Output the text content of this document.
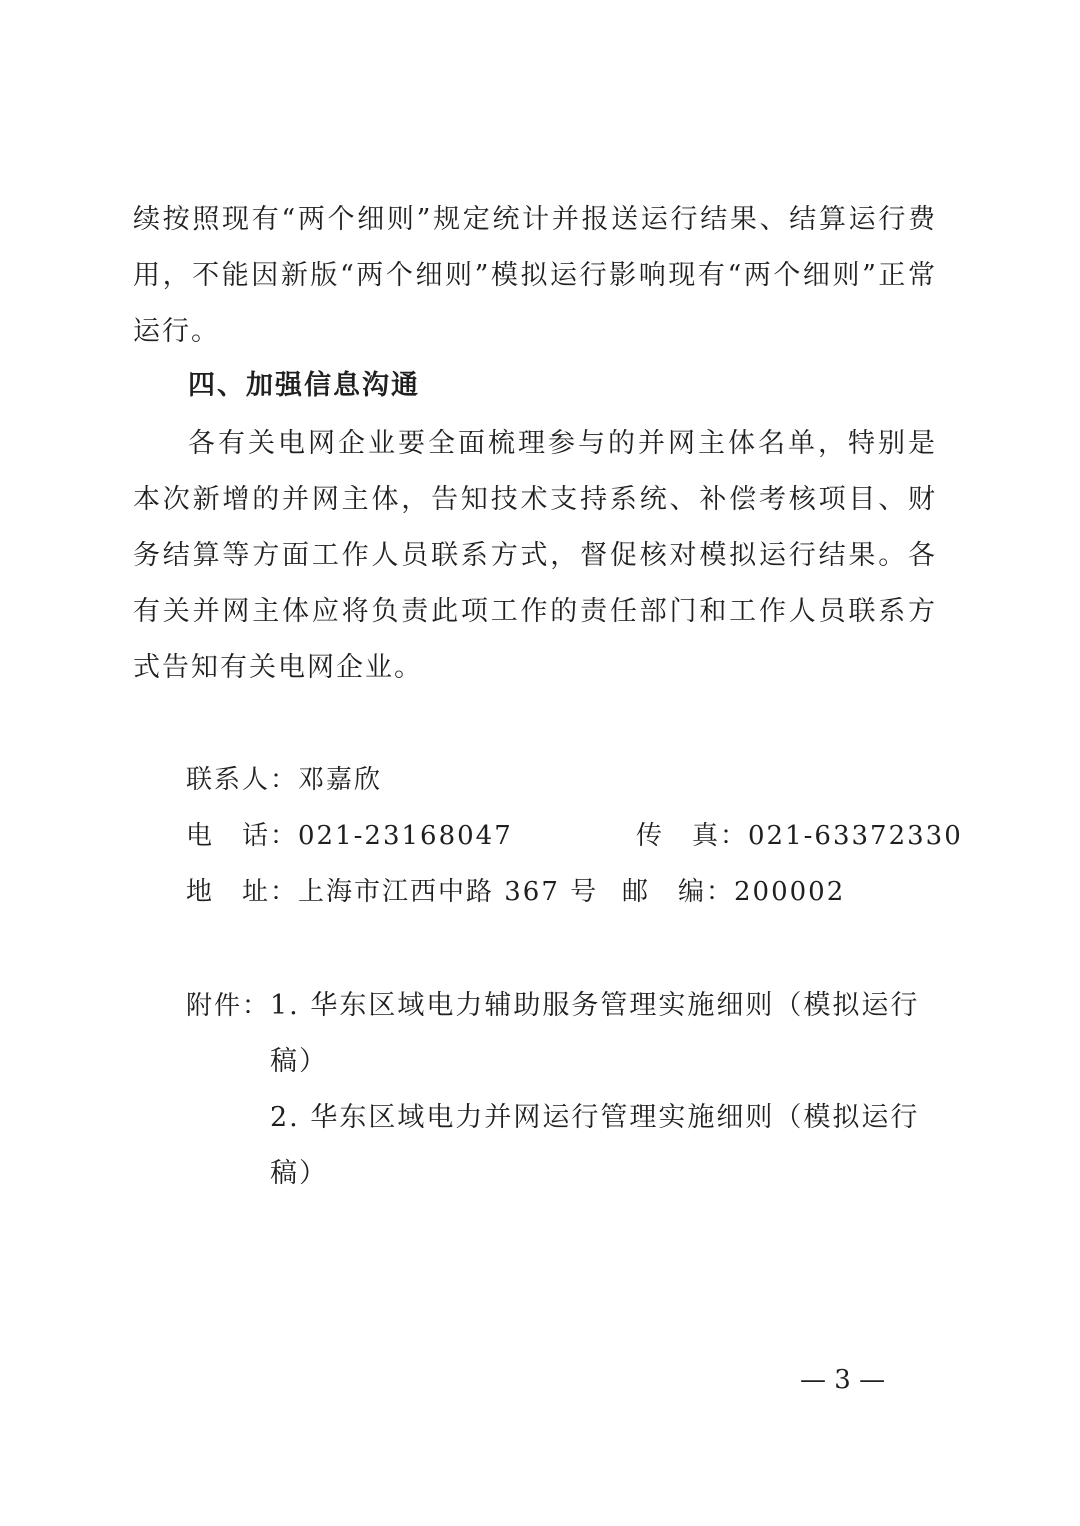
续按照现有“两个细则”规定统计并报送运行结果、结算运行费用，不能因新版“两个细则”模拟运行影响现有“两个细则”正常运行。
四、加强信息沟通
各有关电网企业要全面梳理参与的并网主体名单，特别是本次新增的并网主体，告知技术支持系统、补偿考核项目、财务结算等方面工作人员联系方式，督促核对模拟运行结果。各有关并网主体应将负责此项工作的责任部门和工作人员联系方式告知有关电网企业。
联系人：邓嘉欣
电　话：021-23168047	传　真：021-63372330
地　址：上海市江西中路 367 号 邮　编：200002
附件： 1. 华东区域电力辅助服务管理实施细则（模拟运行稿）
2. 华东区域电力并网运行管理实施细则（模拟运行稿）
— 3 —
